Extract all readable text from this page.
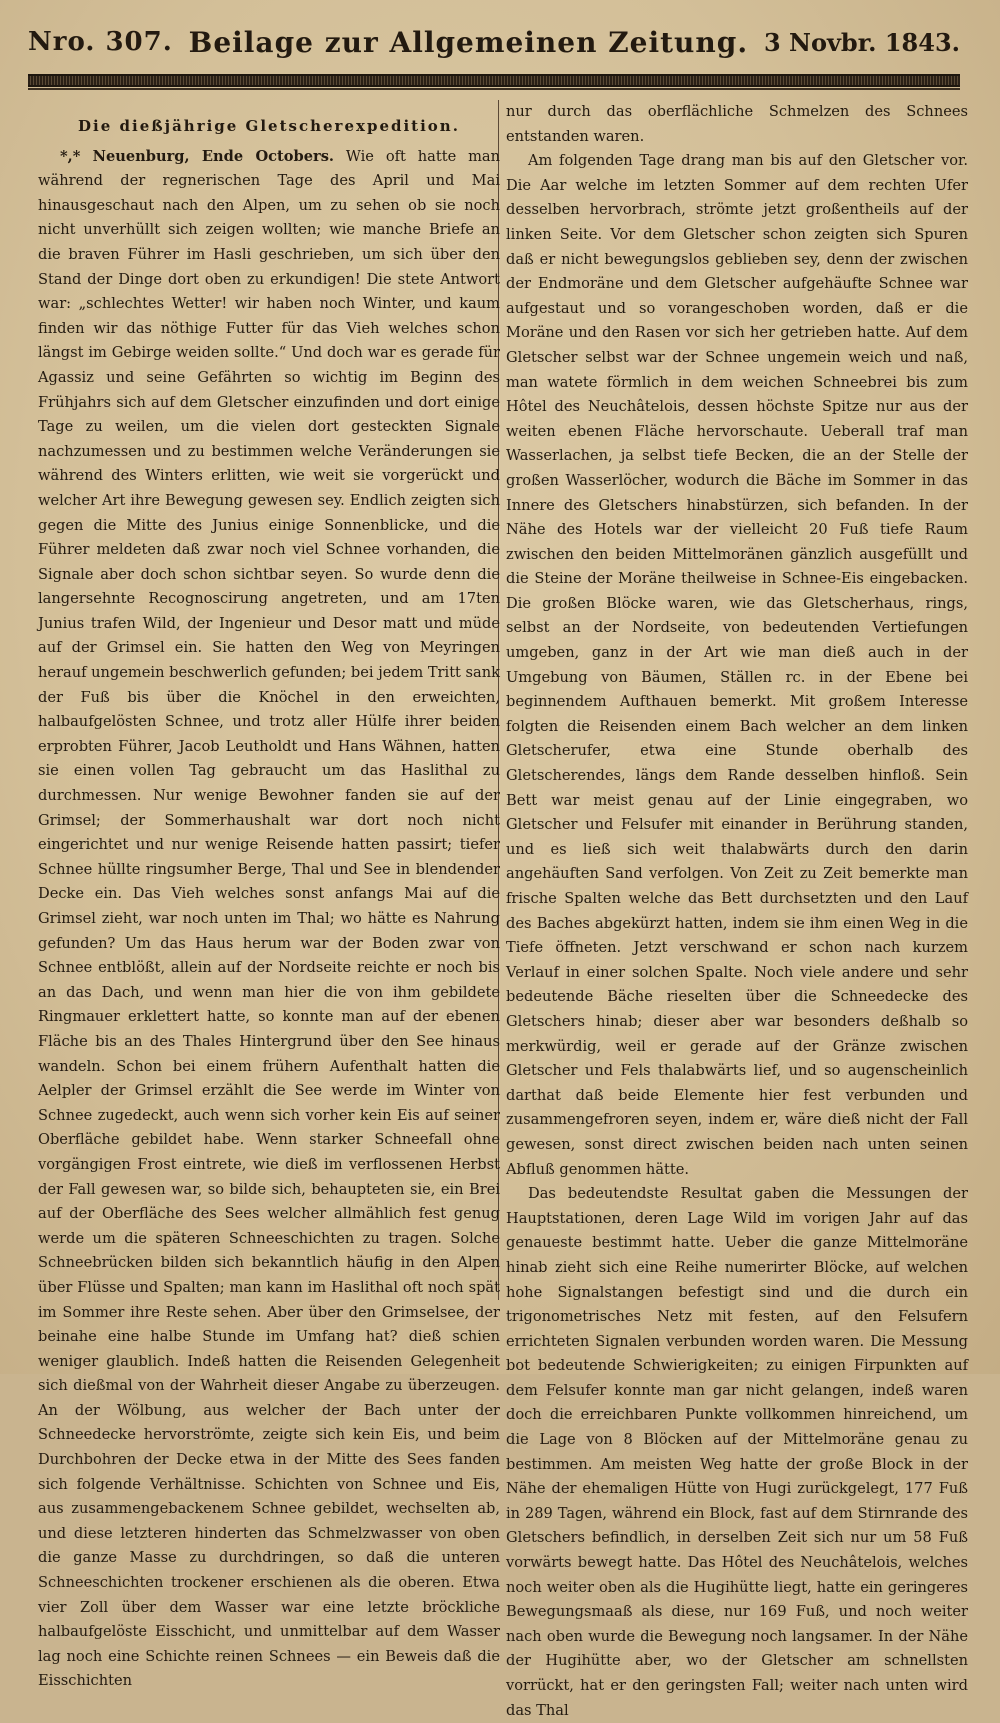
Nro. 307. Beilage zur Allgemeinen Zeitung. 3 Novbr. 1843.
Die dießjährige Gletscherexpedition.

*,* Neuenburg, Ende Octobers. Wie oft hatte man während der regnerischen Tage des April und Mai hinausgeschaut nach den Alpen, um zu sehen ob sie noch nicht unverhüllt sich zeigen wollten; wie manche Briefe an die braven Führer im Hasli geschrieben, um sich über den Stand der Dinge dort oben zu erkundigen! Die stete Antwort war: „schlechtes Wetter! wir haben noch Winter, und kaum finden wir das nöthige Futter für das Vieh welches schon längst im Gebirge weiden sollte.“ Und doch war es gerade für Agassiz und seine Gefährten so wichtig im Beginn des Frühjahrs sich auf dem Gletscher einzufinden und dort einige Tage zu weilen, um die vielen dort gesteckten Signale nachzumessen und zu bestimmen welche Veränderungen sie während des Winters erlitten, wie weit sie vorgerückt und welcher Art ihre Bewegung gewesen sey. Endlich zeigten sich gegen die Mitte des Junius einige Sonnenblicke, und die Führer meldeten daß zwar noch viel Schnee vorhanden, die Signale aber doch schon sichtbar seyen. So wurde denn die langersehnte Recognoscirung angetreten, und am 17ten Junius trafen Wild, der Ingenieur und Desor matt und müde auf der Grimsel ein. Sie hatten den Weg von Meyringen herauf ungemein beschwerlich gefunden; bei jedem Tritt sank der Fuß bis über die Knöchel in den erweichten, halbaufgelösten Schnee, und trotz aller Hülfe ihrer beiden erprobten Führer, Jacob Leutholdt und Hans Wähnen, hatten sie einen vollen Tag gebraucht um das Haslithal zu durchmessen. Nur wenige Bewohner fanden sie auf der Grimsel; der Sommerhaushalt war dort noch nicht eingerichtet und nur wenige Reisende hatten passirt; tiefer Schnee hüllte ringsumher Berge, Thal und See in blendender Decke ein. Das Vieh welches sonst anfangs Mai auf die Grimsel zieht, war noch unten im Thal; wo hätte es Nahrung gefunden? Um das Haus herum war der Boden zwar von Schnee entblößt, allein auf der Nordseite reichte er noch bis an das Dach, und wenn man hier die von ihm gebildete Ringmauer erklettert hatte, so konnte man auf der ebenen Fläche bis an des Thales Hintergrund über den See hinaus wandeln. Schon bei einem frühern Aufenthalt hatten die Aelpler der Grimsel erzählt die See werde im Winter von Schnee zugedeckt, auch wenn sich vorher kein Eis auf seiner Oberfläche gebildet habe. Wenn starker Schneefall ohne vorgängigen Frost eintrete, wie dieß im verflossenen Herbst der Fall gewesen war, so bilde sich, behaupteten sie, ein Brei auf der Oberfläche des Sees welcher allmählich fest genug werde um die späteren Schneeschichten zu tragen. Solche Schneebrücken bilden sich bekanntlich häufig in den Alpen über Flüsse und Spalten; man kann im Haslithal oft noch spät im Sommer ihre Reste sehen. Aber über den Grimselsee, der beinahe eine halbe Stunde im Umfang hat? dieß schien weniger glaublich. Indeß hatten die Reisenden Gelegenheit sich dießmal von der Wahrheit dieser Angabe zu überzeugen. An der Wölbung, aus welcher der Bach unter der Schneedecke hervorströmte, zeigte sich kein Eis, und beim Durchbohren der Decke etwa in der Mitte des Sees fanden sich folgende Verhältnisse. Schichten von Schnee und Eis, aus zusammengebackenem Schnee gebildet, wechselten ab, und diese letzteren hinderten das Schmelzwasser von oben die ganze Masse zu durchdringen, so daß die unteren Schneeschichten trockener erschienen als die oberen. Etwa vier Zoll über dem Wasser war eine letzte bröckliche halbaufgelöste Eisschicht, und unmittelbar auf dem Wasser lag noch eine Schichte reinen Schnees — ein Beweis daß die Eisschichten

nur durch das oberflächliche Schmelzen des Schnees entstanden waren.

Am folgenden Tage drang man bis auf den Gletscher vor. Die Aar welche im letzten Sommer auf dem rechten Ufer desselben hervorbrach, strömte jetzt großentheils auf der linken Seite. Vor dem Gletscher schon zeigten sich Spuren daß er nicht bewegungslos geblieben sey, denn der zwischen der Endmoräne und dem Gletscher aufgehäufte Schnee war aufgestaut und so vorangeschoben worden, daß er die Moräne und den Rasen vor sich her getrieben hatte. Auf dem Gletscher selbst war der Schnee ungemein weich und naß, man watete förmlich in dem weichen Schneebrei bis zum Hôtel des Neuchâtelois, dessen höchste Spitze nur aus der weiten ebenen Fläche hervorschaute. Ueberall traf man Wasserlachen, ja selbst tiefe Becken, die an der Stelle der großen Wasserlöcher, wodurch die Bäche im Sommer in das Innere des Gletschers hinabstürzen, sich befanden. In der Nähe des Hotels war der vielleicht 20 Fuß tiefe Raum zwischen den beiden Mittelmoränen gänzlich ausgefüllt und die Steine der Moräne theilweise in Schnee-Eis eingebacken. Die großen Blöcke waren, wie das Gletscherhaus, rings, selbst an der Nordseite, von bedeutenden Vertiefungen umgeben, ganz in der Art wie man dieß auch in der Umgebung von Bäumen, Ställen rc. in der Ebene bei beginnendem Aufthauen bemerkt. Mit großem Interesse folgten die Reisenden einem Bach welcher an dem linken Gletscherufer, etwa eine Stunde oberhalb des Gletscherendes, längs dem Rande desselben hinfloß. Sein Bett war meist genau auf der Linie eingegraben, wo Gletscher und Felsufer mit einander in Berührung standen, und es ließ sich weit thalabwärts durch den darin angehäuften Sand verfolgen. Von Zeit zu Zeit bemerkte man frische Spalten welche das Bett durchsetzten und den Lauf des Baches abgekürzt hatten, indem sie ihm einen Weg in die Tiefe öffneten. Jetzt verschwand er schon nach kurzem Verlauf in einer solchen Spalte. Noch viele andere und sehr bedeutende Bäche rieselten über die Schneedecke des Gletschers hinab; dieser aber war besonders deßhalb so merkwürdig, weil er gerade auf der Gränze zwischen Gletscher und Fels thalabwärts lief, und so augenscheinlich darthat daß beide Elemente hier fest verbunden und zusammengefroren seyen, indem er, wäre dieß nicht der Fall gewesen, sonst direct zwischen beiden nach unten seinen Abfluß genommen hätte.

Das bedeutendste Resultat gaben die Messungen der Hauptstationen, deren Lage Wild im vorigen Jahr auf das genaueste bestimmt hatte. Ueber die ganze Mittelmoräne hinab zieht sich eine Reihe numerirter Blöcke, auf welchen hohe Signalstangen befestigt sind und die durch ein trigonometrisches Netz mit festen, auf den Felsufern errichteten Signalen verbunden worden waren. Die Messung bot bedeutende Schwierigkeiten; zu einigen Firpunkten auf dem Felsufer konnte man gar nicht gelangen, indeß waren doch die erreichbaren Punkte vollkommen hinreichend, um die Lage von 8 Blöcken auf der Mittelmoräne genau zu bestimmen. Am meisten Weg hatte der große Block in der Nähe der ehemaligen Hütte von Hugi zurückgelegt, 177 Fuß in 289 Tagen, während ein Block, fast auf dem Stirnrande des Gletschers befindlich, in derselben Zeit sich nur um 58 Fuß vorwärts bewegt hatte. Das Hôtel des Neuchâtelois, welches noch weiter oben als die Hugihütte liegt, hatte ein geringeres Bewegungsmaaß als diese, nur 169 Fuß, und noch weiter nach oben wurde die Bewegung noch langsamer. In der Nähe der Hugihütte aber, wo der Gletscher am schnellsten vorrückt, hat er den geringsten Fall; weiter nach unten wird das Thal
